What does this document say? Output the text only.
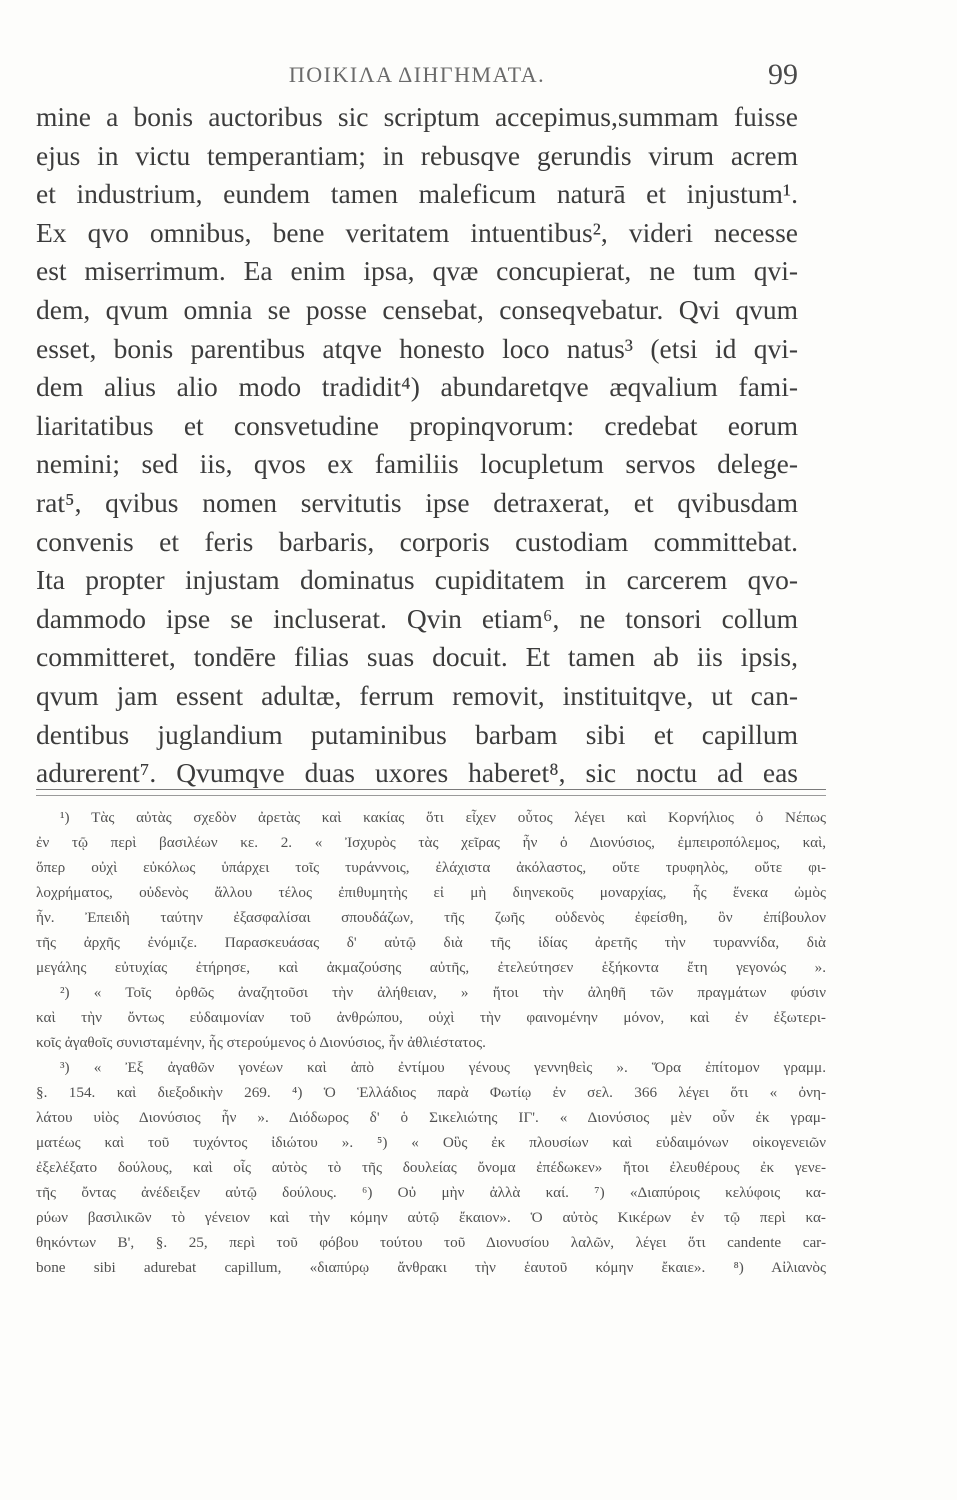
ΠΟΙΚΙΛΑ ΔΙΗΓΗΜΑΤΑ.	99
mine a bonis auctoribus sic scriptum accepimus,summam fuisse
ejus in victu temperantiam; in rebusqve gerundis virum acrem
et industrium, eundem tamen maleficum naturā et injustum¹.
Ex qvo omnibus, bene veritatem intuentibus², videri necesse
est miserrimum. Ea enim ipsa, qvæ concupierat, ne tum qvi-
dem, qvum omnia se posse censebat, conseqvebatur. Qvi qvum
esset, bonis parentibus atqve honesto loco natus³ (etsi id qvi-
dem alius alio modo tradidit⁴) abundaretqve æqvalium fami-
liaritatibus et consvetudine propinqvorum: credebat eorum
nemini; sed iis, qvos ex familiis locupletum servos delege-
rat⁵, qvibus nomen servitutis ipse detraxerat, et qvibusdam
convenis et feris barbaris, corporis custodiam committebat.
Ita propter injustam dominatus cupiditatem in carcerem qvo-
dammodo ipse se incluserat. Qvin etiam⁶, ne tonsori collum
committeret, tondēre filias suas docuit. Et tamen ab iis ipsis,
qvum jam essent adultæ, ferrum removit, instituitqve, ut can-
dentibus juglandium putaminibus barbam sibi et capillum
adurerent⁷. Qvumqve duas uxores haberet⁸, sic noctu ad eas
¹) Τὰς αὐτὰς σχεδὸν ἀρετὰς καὶ κακίας ὅτι εἶχεν οὗτος λέγει καὶ Κορνήλιος ὁ Νέπως
ἐν τῷ περὶ βασιλέων κε. 2. « Ἰσχυρὸς τὰς χεῖρας ἦν ὁ Διονύσιος, ἐμπειροπόλεμος, καὶ,
ὅπερ οὐχὶ εὐκόλως ὑπάρχει τοῖς τυράννοις, ἐλάχιστα ἀκόλαστος, οὔτε τρυφηλὸς, οὔτε φι-
λοχρήματος, οὐδενὸς ἄλλου τέλος ἐπιθυμητὴς εἰ μὴ διηνεκοῦς μοναρχίας, ἧς ἕνεκα ὠμὸς
ἦν. Ἐπειδὴ ταύτην ἐξασφαλίσαι σπουδάζων, τῆς ζωῆς οὐδενὸς ἐφείσθη, ὃν ἐπίβουλον
τῆς ἀρχῆς ἐνόμιζε. Παρασκευάσας δ' αὐτῷ διὰ τῆς ἰδίας ἀρετῆς τὴν τυραννίδα, διὰ
μεγάλης εὐτυχίας ἐτήρησε, καὶ ἀκμαζούσης αὐτῆς, ἐτελεύτησεν ἑξήκοντα ἔτη γεγονώς ».
²) « Τοῖς ὀρθῶς ἀναζητοῦσι τὴν ἀλήθειαν, » ἤτοι τὴν ἀληθῆ τῶν πραγμάτων φύσιν
καὶ τὴν ὄντως εὐδαιμονίαν τοῦ ἀνθρώπου, οὐχὶ τὴν φαινομένην μόνον, καὶ ἐν ἐξωτερι-
κοῖς ἀγαθοῖς συνισταμένην, ἧς στερούμενος ὁ Διονύσιος, ἦν ἀθλιέστατος.
³) « Ἐξ ἀγαθῶν γονέων καὶ ἀπὸ ἐντίμου γένους γεννηθεὶς ». Ὅρα ἐπίτομον γραμμ.
§. 154. καὶ διεξοδικὴν 269. ⁴) Ὁ Ἑλλάδιος παρὰ Φωτίῳ ἐν σελ. 366 λέγει ὅτι « ὀνη-
λάτου υἱὸς Διονύσιος ἦν ». Διόδωρος δ' ὁ Σικελιώτης ΙΓ'. « Διονύσιος μὲν οὖν ἐκ γραμ-
ματέως καὶ τοῦ τυχόντος ἰδιώτου ». ⁵) « Οὓς ἐκ πλουσίων καὶ εὐδαιμόνων οἰκογενειῶν
ἐξελέξατο δούλους, καὶ οἷς αὐτὸς τὸ τῆς δουλείας ὄνομα ἐπέδωκεν» ἤτοι ἐλευθέρους ἐκ γενε-
τῆς ὄντας ἀνέδειξεν αὐτῷ δούλους. ⁶) Οὐ μὴν ἀλλὰ καί. ⁷) «Διαπύροις κελύφοις κα-
ρύων βασιλικῶν τὸ γένειον καὶ τὴν κόμην αὐτῷ ἔκαιον». Ὁ αὐτὸς Κικέρων ἐν τῷ περὶ κα-
θηκόντων Β', §. 25, περὶ τοῦ φόβου τούτου τοῦ Διονυσίου λαλῶν, λέγει ὅτι candente car-
bone sibi adurebat capillum, «διαπύρῳ ἄνθρακι τὴν ἑαυτοῦ κόμην ἔκαιε». ⁸) Αἰλιανὸς
